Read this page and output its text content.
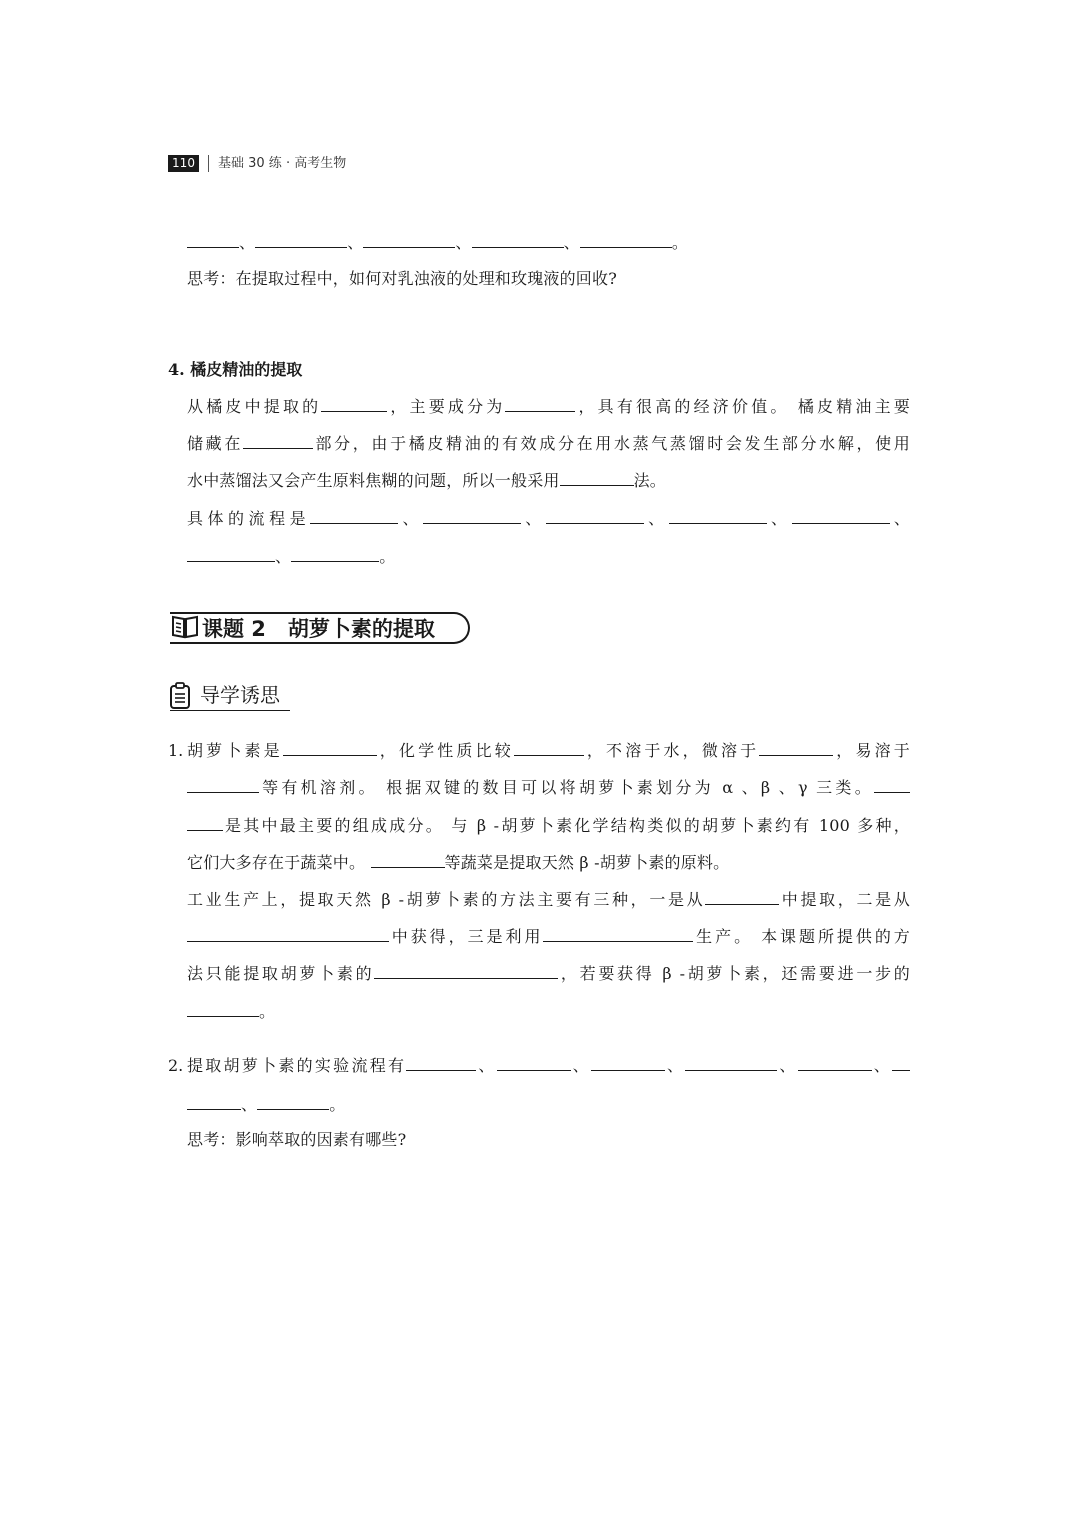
110	基础 30 练 · 高考生物
、	、	、	、	。
思考：在提取过程中，如何对乳浊液的处理和玫瑰液的回收?
4. 橘皮精油的提取
从橘皮中提取的	，主要成分为	，具有很高的经济价值。 橘皮精油主要
储藏在	部分，由于橘皮精油的有效成分在用水蒸气蒸馏时会发生部分水解，使用
水中蒸馏法又会产生原料焦糊的问题，所以一般采用	法。
具体的流程是	、	、	、	、	、
、	。
课题 2 胡萝卜素的提取
导学诱思
1. 胡萝卜素是	，化学性质比较	，不溶于水，微溶于	，易溶于
等有机溶剂。 根据双键的数目可以将胡萝卜素划分为 α 、β 、γ 三类。
是其中最主要的组成成分。 与 β -胡萝卜素化学结构类似的胡萝卜素约有 100 多种，
它们大多存在于蔬菜中。	等蔬菜是提取天然 β -胡萝卜素的原料。
工业生产上，提取天然 β -胡萝卜素的方法主要有三种，一是从	中提取，二是从
中获得，三是利用	生产。 本课题所提供的方
法只能提取胡萝卜素的	，若要获得 β -胡萝卜素，还需要进一步的
。
2. 提取胡萝卜素的实验流程有	、	、	、	、	、
、	。
思考：影响萃取的因素有哪些?
